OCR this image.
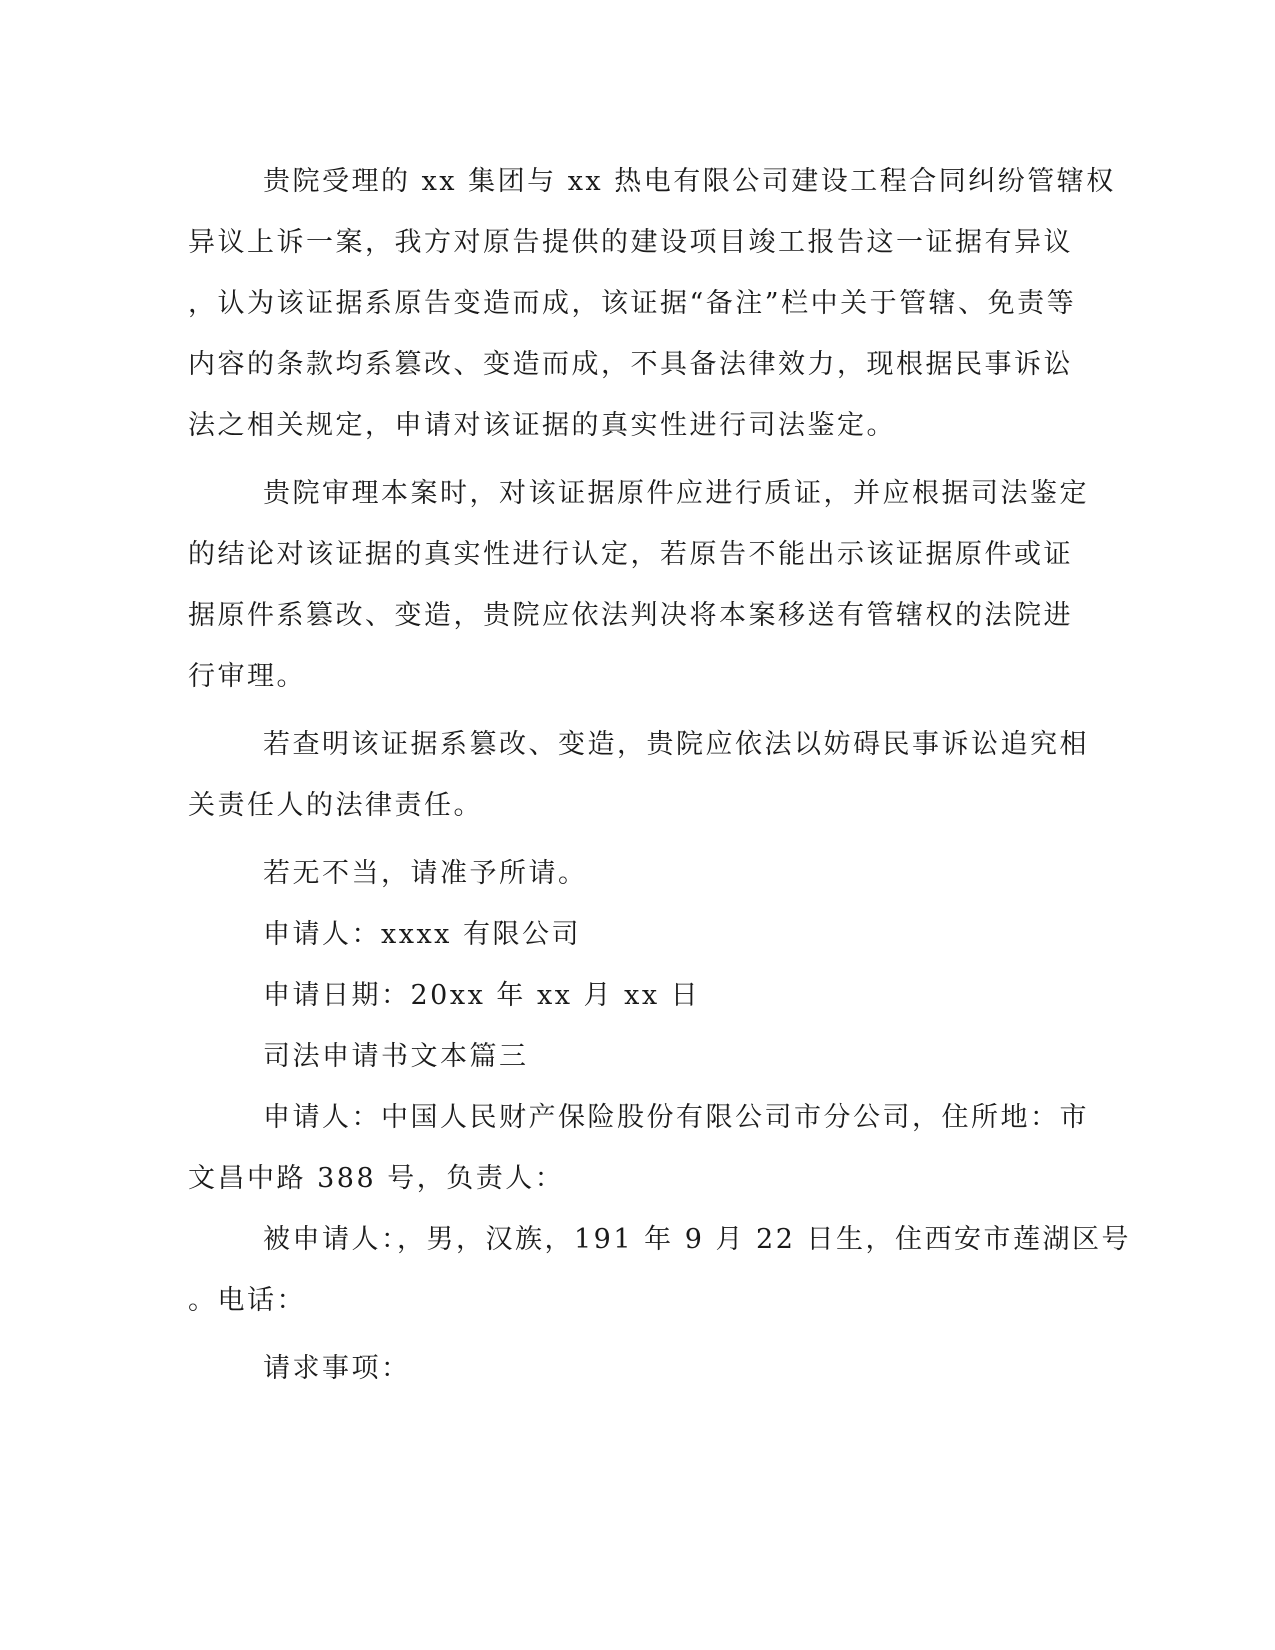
贵院受理的 xx 集团与 xx 热电有限公司建设工程合同纠纷管辖权
异议上诉一案，我方对原告提供的建设项目竣工报告这一证据有异议
，认为该证据系原告变造而成，该证据“备注”栏中关于管辖、免责等
内容的条款均系篡改、变造而成，不具备法律效力，现根据民事诉讼
法之相关规定，申请对该证据的真实性进行司法鉴定。
贵院审理本案时，对该证据原件应进行质证，并应根据司法鉴定
的结论对该证据的真实性进行认定，若原告不能出示该证据原件或证
据原件系篡改、变造，贵院应依法判决将本案移送有管辖权的法院进
行审理。
若查明该证据系篡改、变造，贵院应依法以妨碍民事诉讼追究相
关责任人的法律责任。
若无不当，请准予所请。
申请人：xxxx 有限公司
申请日期：20xx 年 xx 月 xx 日
司法申请书文本篇三
申请人：中国人民财产保险股份有限公司市分公司，住所地：市
文昌中路 388 号，负责人：
被申请人：，男，汉族，191 年 9 月 22 日生，住西安市莲湖区号
。电话：
请求事项：
